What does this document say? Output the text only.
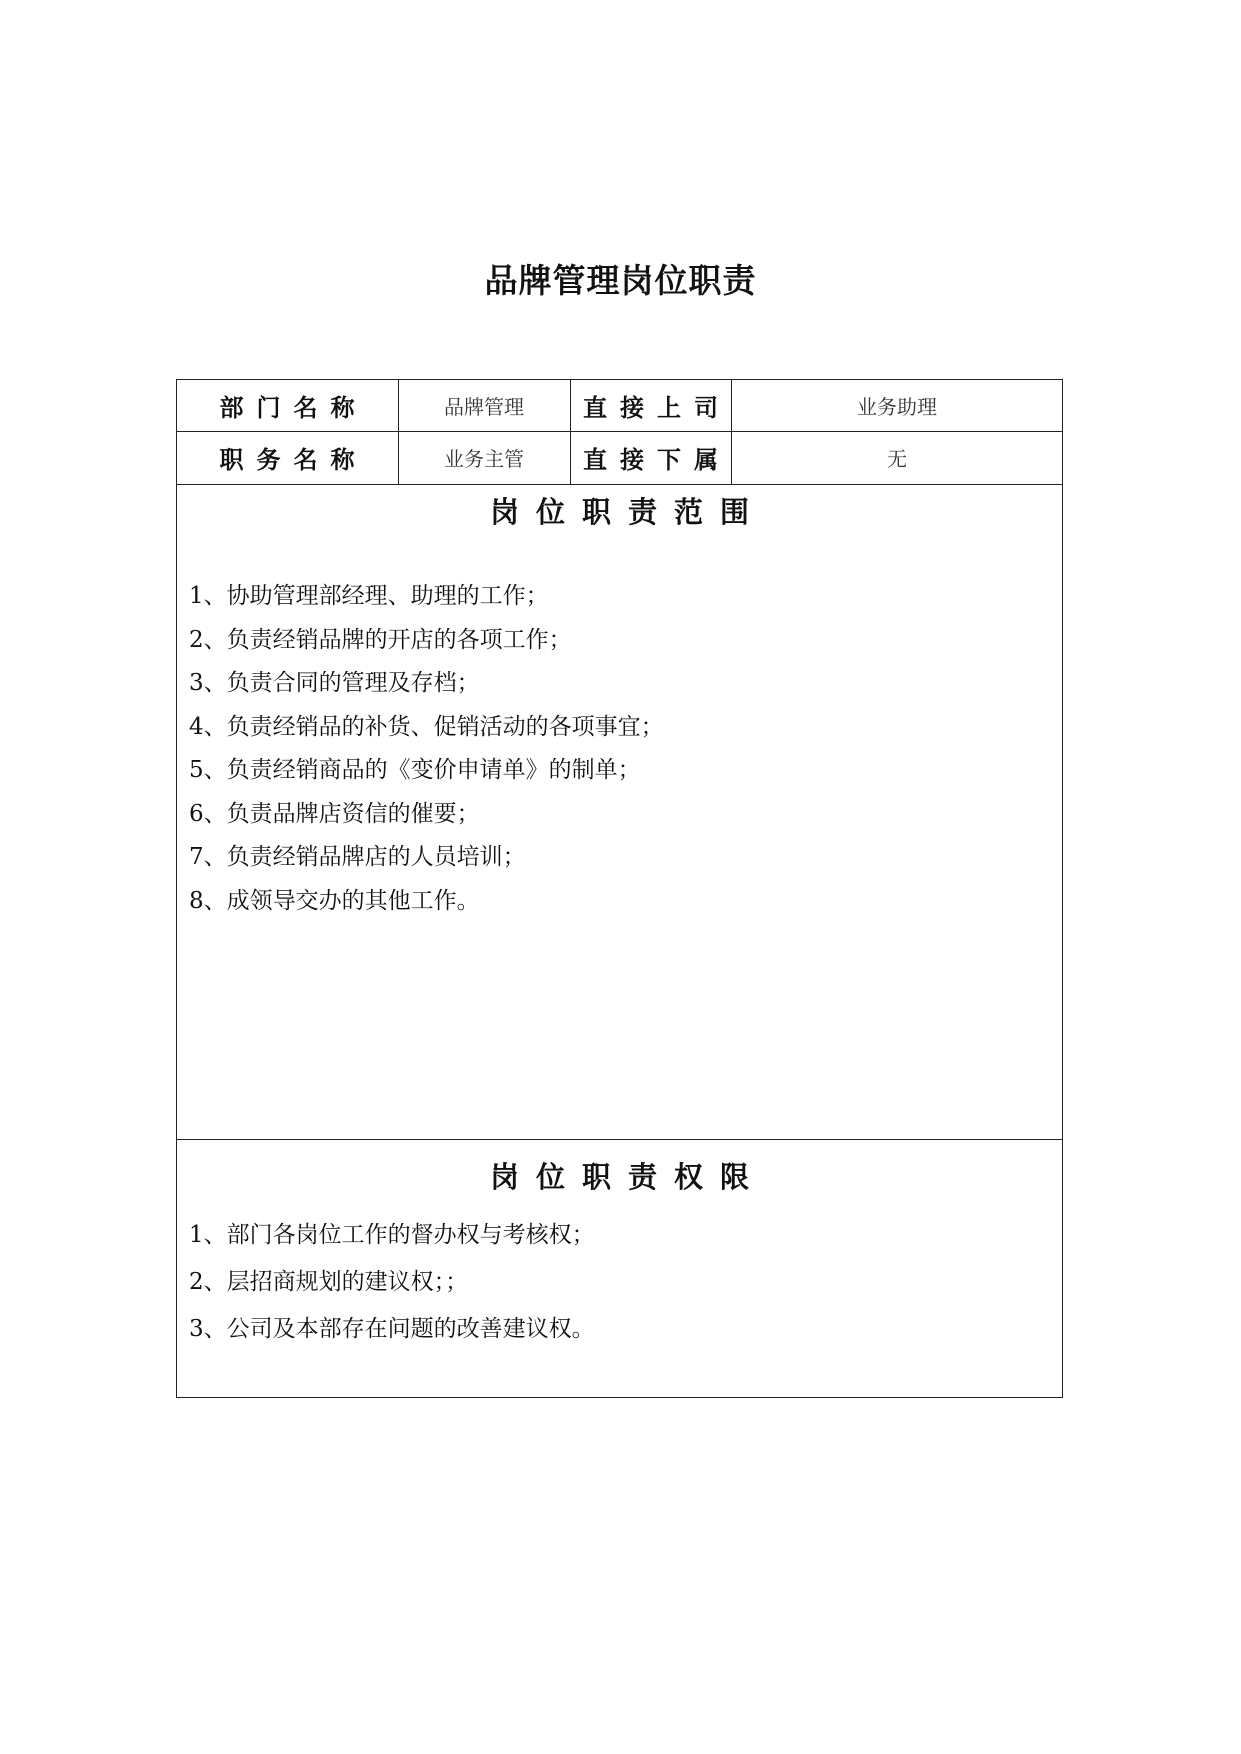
品牌管理岗位职责
部门名称	品牌管理	直接上司	业务助理
职务名称	业务主管	直接下属	无
岗位职责范围
1、协助管理部经理、助理的工作；
2、负责经销品牌的开店的各项工作；
3、负责合同的管理及存档；
4、负责经销品的补货、促销活动的各项事宜；
5、负责经销商品的《变价申请单》的制单；
6、负责品牌店资信的催要；
7、负责经销品牌店的人员培训；
8、成领导交办的其他工作。
岗位职责权限
1、部门各岗位工作的督办权与考核权；
2、层招商规划的建议权；；
3、公司及本部存在问题的改善建议权。
